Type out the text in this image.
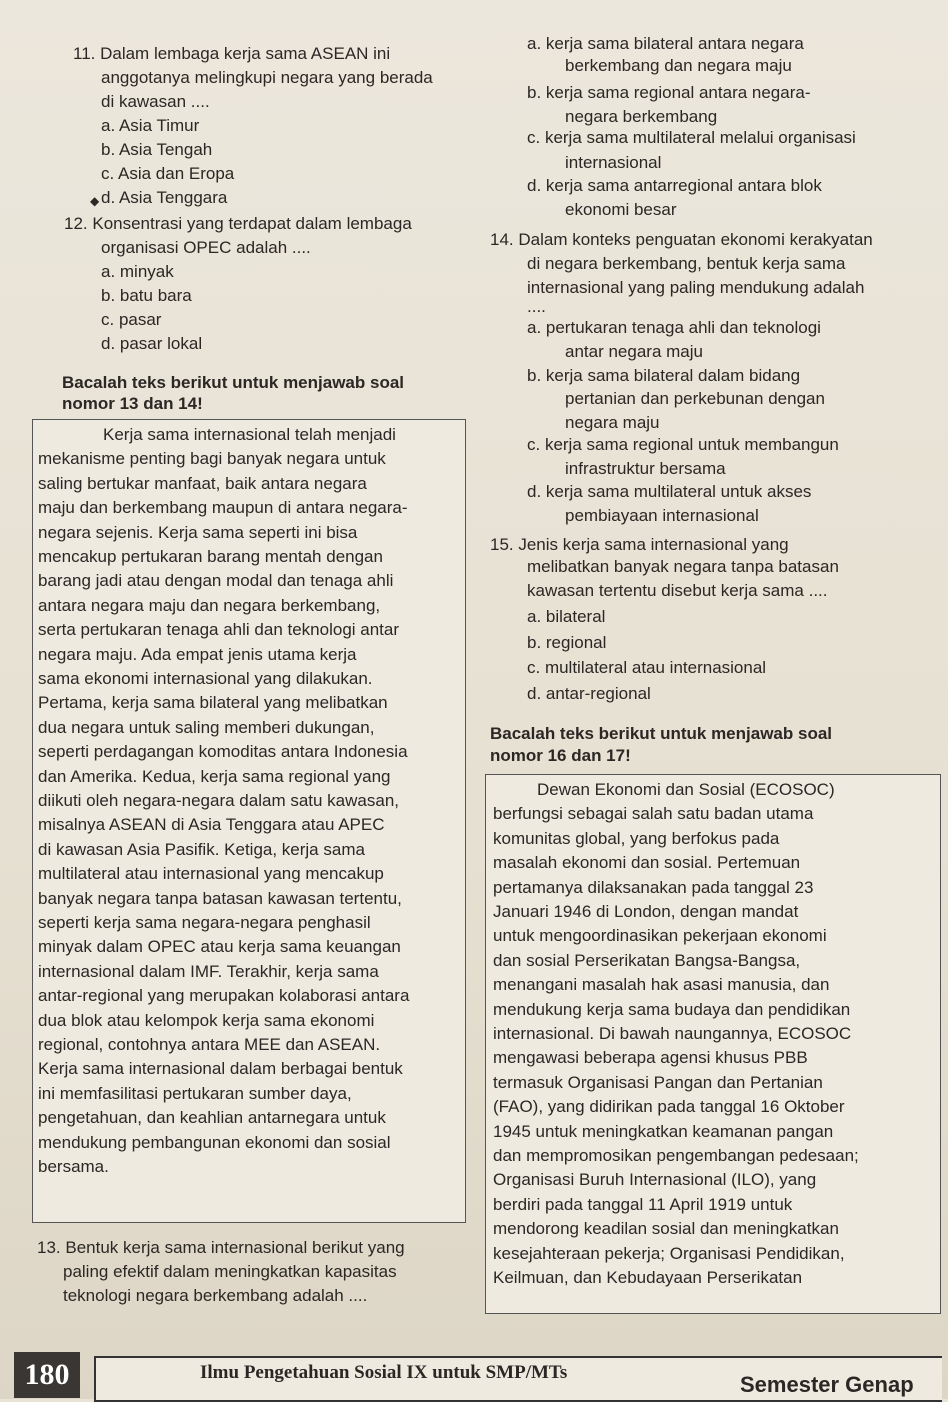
11. Dalam lembaga kerja sama ASEAN ini
anggotanya melingkupi negara yang berada
di kawasan ....
a. Asia Timur
b. Asia Tengah
c. Asia dan Eropa
◆ d. Asia Tenggara
a. kerja sama bilateral antara negara
berkembang dan negara maju
b. kerja sama regional antara negara-
negara berkembang
c. kerja sama multilateral melalui organisasi
internasional
d. kerja sama antarregional antara blok
ekonomi besar
12. Konsentrasi yang terdapat dalam lembaga
organisasi OPEC adalah ....
a. minyak
b. batu bara
c. pasar
d. pasar lokal
Bacalah teks berikut untuk menjawab soal
nomor 13 dan 14!
Kerja sama internasional telah menjadi
mekanisme penting bagi banyak negara untuk
saling bertukar manfaat, baik antara negara
maju dan berkembang maupun di antara negara-
negara sejenis. Kerja sama seperti ini bisa
mencakup pertukaran barang mentah dengan
barang jadi atau dengan modal dan tenaga ahli
antara negara maju dan negara berkembang,
serta pertukaran tenaga ahli dan teknologi antar
negara maju. Ada empat jenis utama kerja
sama ekonomi internasional yang dilakukan.
Pertama, kerja sama bilateral yang melibatkan
dua negara untuk saling memberi dukungan,
seperti perdagangan komoditas antara Indonesia
dan Amerika. Kedua, kerja sama regional yang
diikuti oleh negara-negara dalam satu kawasan,
misalnya ASEAN di Asia Tenggara atau APEC
di kawasan Asia Pasifik. Ketiga, kerja sama
multilateral atau internasional yang mencakup
banyak negara tanpa batasan kawasan tertentu,
seperti kerja sama negara-negara penghasil
minyak dalam OPEC atau kerja sama keuangan
internasional dalam IMF. Terakhir, kerja sama
antar-regional yang merupakan kolaborasi antara
dua blok atau kelompok kerja sama ekonomi
regional, contohnya antara MEE dan ASEAN.
Kerja sama internasional dalam berbagai bentuk
ini memfasilitasi pertukaran sumber daya,
pengetahuan, dan keahlian antarnegara untuk
mendukung pembangunan ekonomi dan sosial
bersama.
13. Bentuk kerja sama internasional berikut yang
paling efektif dalam meningkatkan kapasitas
teknologi negara berkembang adalah ....
14. Dalam konteks penguatan ekonomi kerakyatan
di negara berkembang, bentuk kerja sama
internasional yang paling mendukung adalah
....
a. pertukaran tenaga ahli dan teknologi
antar negara maju
b. kerja sama bilateral dalam bidang
pertanian dan perkebunan dengan
negara maju
c. kerja sama regional untuk membangun
infrastruktur bersama
d. kerja sama multilateral untuk akses
pembiayaan internasional
15. Jenis kerja sama internasional yang
melibatkan banyak negara tanpa batasan
kawasan tertentu disebut kerja sama ....
a. bilateral
b. regional
c. multilateral atau internasional
d. antar-regional
Bacalah teks berikut untuk menjawab soal
nomor 16 dan 17!
Dewan Ekonomi dan Sosial (ECOSOC)
berfungsi sebagai salah satu badan utama
komunitas global, yang berfokus pada
masalah ekonomi dan sosial. Pertemuan
pertamanya dilaksanakan pada tanggal 23
Januari 1946 di London, dengan mandat
untuk mengoordinasikan pekerjaan ekonomi
dan sosial Perserikatan Bangsa-Bangsa,
menangani masalah hak asasi manusia, dan
mendukung kerja sama budaya dan pendidikan
internasional. Di bawah naungannya, ECOSOC
mengawasi beberapa agensi khusus PBB
termasuk Organisasi Pangan dan Pertanian
(FAO), yang didirikan pada tanggal 16 Oktober
1945 untuk meningkatkan keamanan pangan
dan mempromosikan pengembangan pedesaan;
Organisasi Buruh Internasional (ILO), yang
berdiri pada tanggal 11 April 1919 untuk
mendorong keadilan sosial dan meningkatkan
kesejahteraan pekerja; Organisasi Pendidikan,
Keilmuan, dan Kebudayaan Perserikatan
180	Ilmu Pengetahuan Sosial IX untuk SMP/MTs	Semester Genap
